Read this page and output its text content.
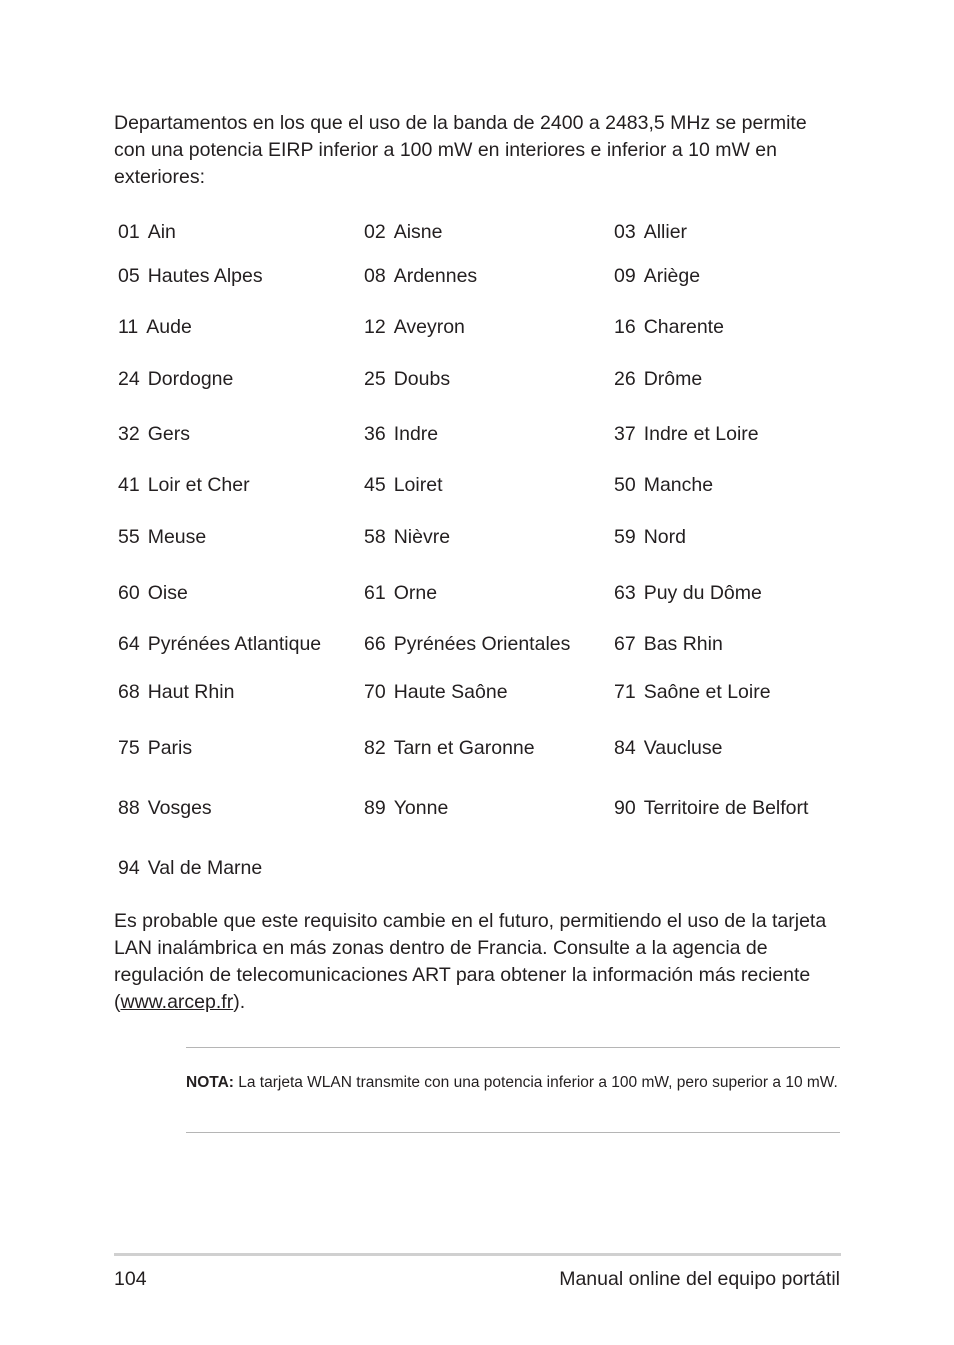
Departamentos en los que el uso de la banda de 2400 a 2483,5 MHz se permite con una potencia EIRP inferior a 100 mW en interiores e inferior a 10 mW en exteriores:

01 Ain	02 Aisne	03 Allier
05 Hautes Alpes	08 Ardennes	09 Ariège
11 Aude	12 Aveyron	16 Charente
24 Dordogne	25 Doubs	26 Drôme
32 Gers	36 Indre	37 Indre et Loire
41 Loir et Cher	45 Loiret	50 Manche
55 Meuse	58 Nièvre	59 Nord
60 Oise	61 Orne	63 Puy du Dôme
64 Pyrénées Atlantique 66 Pyrénées Orientales 67 Bas Rhin
68 Haut Rhin	70 Haute Saône	71 Saône et Loire
75 Paris	82 Tarn et Garonne	84 Vaucluse
88 Vosges	89 Yonne	90 Territoire de Belfort
94 Val de Marne

Es probable que este requisito cambie en el futuro, permitiendo el uso de la tarjeta LAN inalámbrica en más zonas dentro de Francia. Consulte a la agencia de regulación de telecomunicaciones ART para obtener la información más reciente (www.arcep.fr).

NOTA: La tarjeta WLAN transmite con una potencia inferior a 100 mW, pero superior a 10 mW.

104	Manual online del equipo portátil
